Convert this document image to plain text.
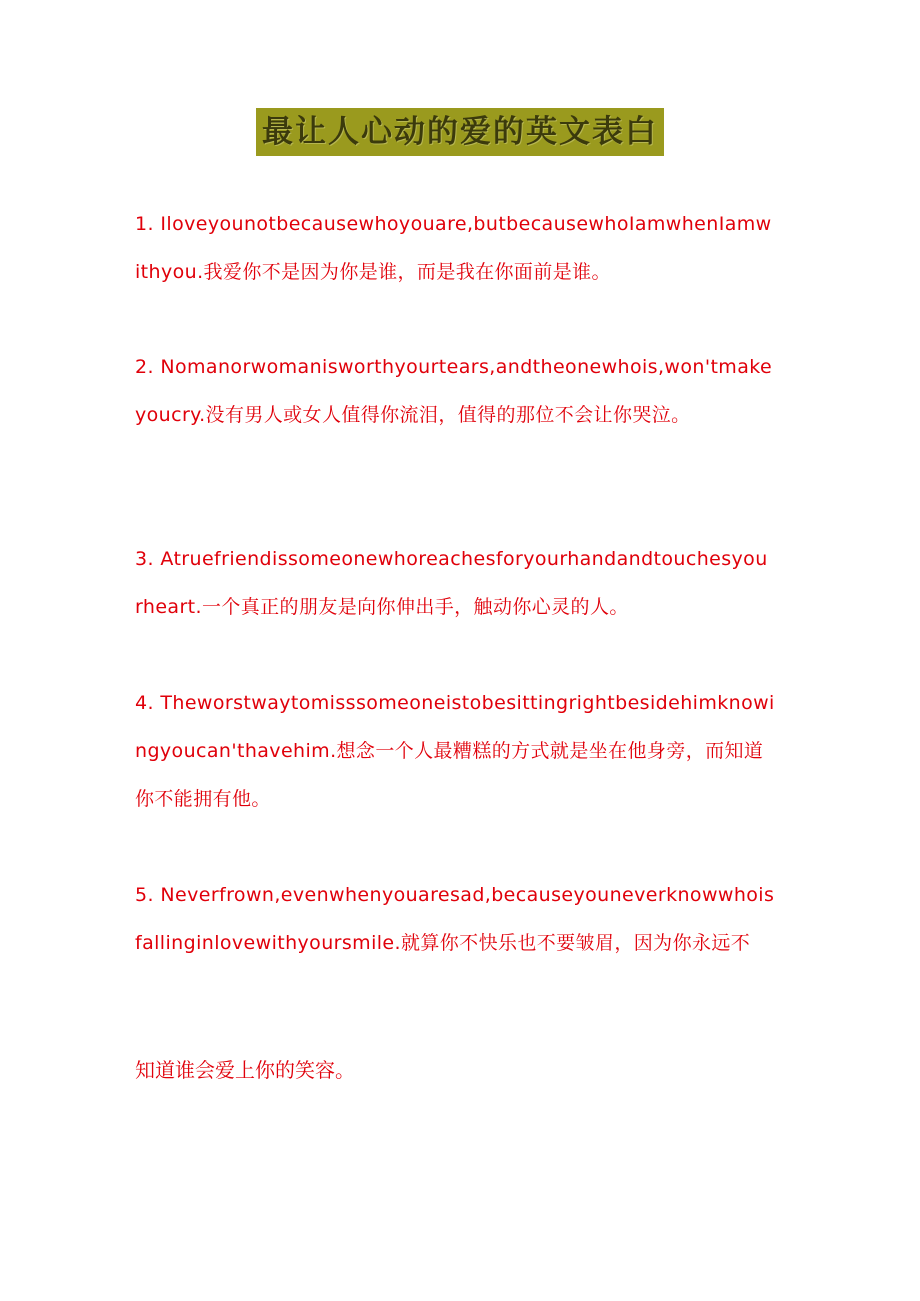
最让人心动的爱的英文表白
1. Iloveyounotbecausewhoyouare,butbecausewhoIamwhenIamwithyou.我爱你不是因为你是谁，而是我在你面前是谁。
2. Nomanorwomanisworthyourtears,andtheonewhois,won'tmakeyoucry.没有男人或女人值得你流泪，值得的那位不会让你哭泣。
3. Atruefriendissomeonewhoreachesforyourhandandtouchesyourheart.一个真正的朋友是向你伸出手，触动你心灵的人。
4. Theworstwaytomisssomeoneistobesittingrightbesidehimknowingyoucan'thavehim.想念一个人最糟糕的方式就是坐在他身旁，而知道你不能拥有他。
5. Neverfrown,evenwhenyouaresad,becauseyouneverknowwhoisfallinginlovewithyoursmile.就算你不快乐也不要皱眉，因为你永远不
知道谁会爱上你的笑容。
